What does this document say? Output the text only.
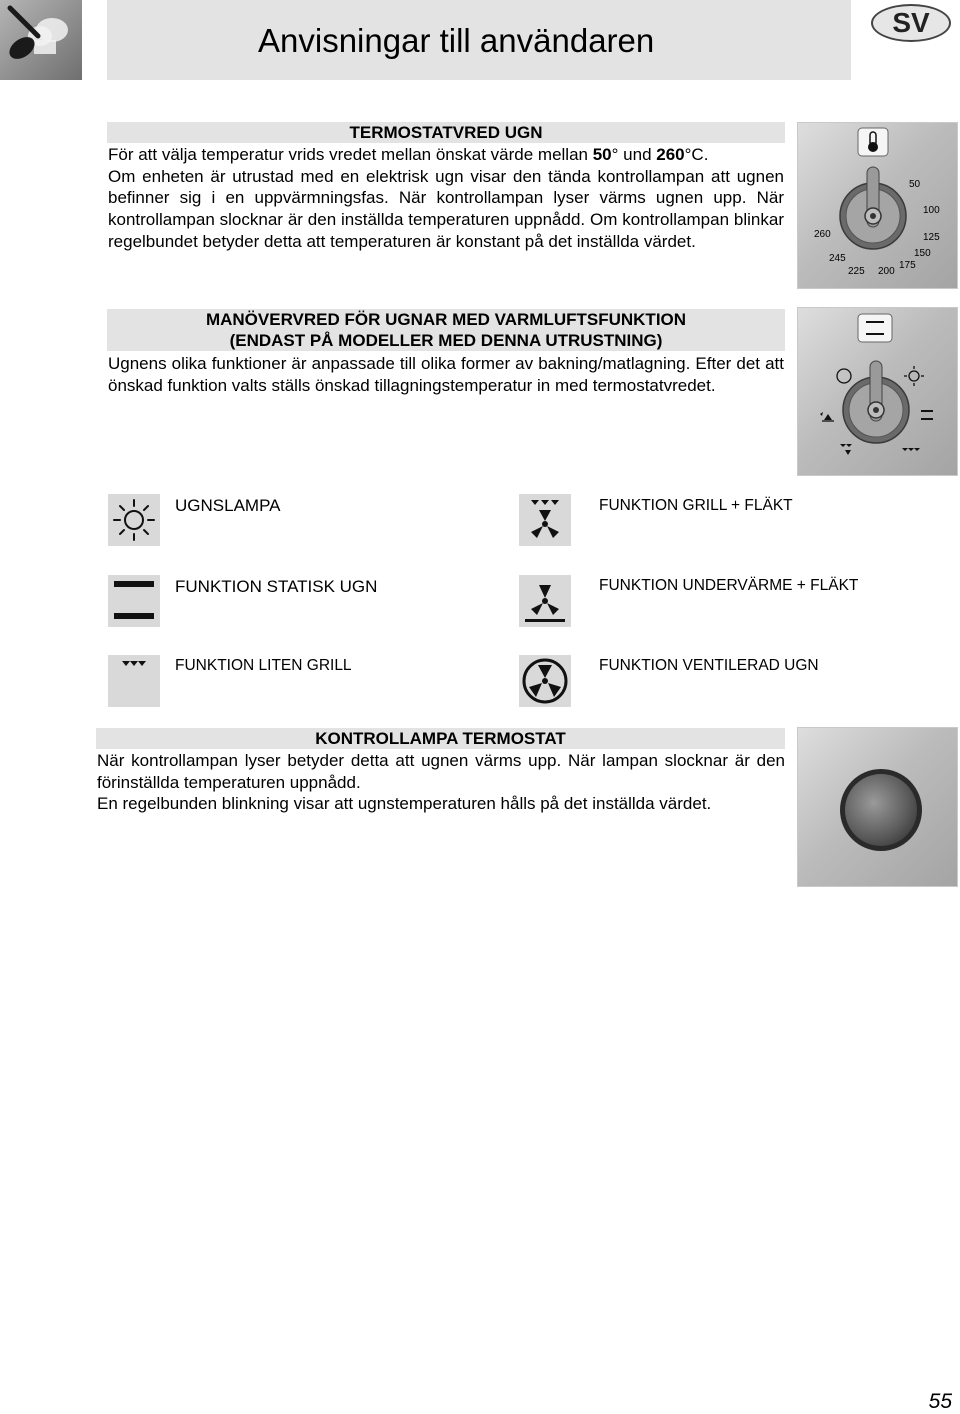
Anvisningar till användaren	SV
TERMOSTATVRED UGN
För att välja temperatur vrids vredet mellan önskat värde mellan 50° und 260°C.
Om enheten är utrustad med en elektrisk ugn visar den tända kontrollampan att ugnen befinner sig i en uppvärmningsfas. När kontrollampan lyser värms ugnen upp. När kontrollampan slocknar är den inställda temperaturen uppnådd. Om kontrollampan blinkar regelbundet betyder detta att temperaturen är konstant på det inställda värdet.
50
100
125
150
175
200
225
245
260
MANÖVERVRED FÖR UGNAR MED VARMLUFTSFUNKTION
(ENDAST PÅ MODELLER MED DENNA UTRUSTNING)
Ugnens olika funktioner är anpassade till olika former av bakning/matlagning. Efter det att önskad funktion valts ställs önskad tillagningstemperatur in med termostatvredet.
UGNSLAMPA	FUNKTION GRILL + FLÄKT
FUNKTION STATISK UGN	FUNKTION UNDERVÄRME + FLÄKT
FUNKTION LITEN GRILL	FUNKTION VENTILERAD UGN
KONTROLLAMPA TERMOSTAT
När kontrollampan lyser betyder detta att ugnen värms upp. När lampan slocknar är den förinställda temperaturen uppnådd.
En regelbunden blinkning visar att ugnstemperaturen hålls på det inställda värdet.
55
